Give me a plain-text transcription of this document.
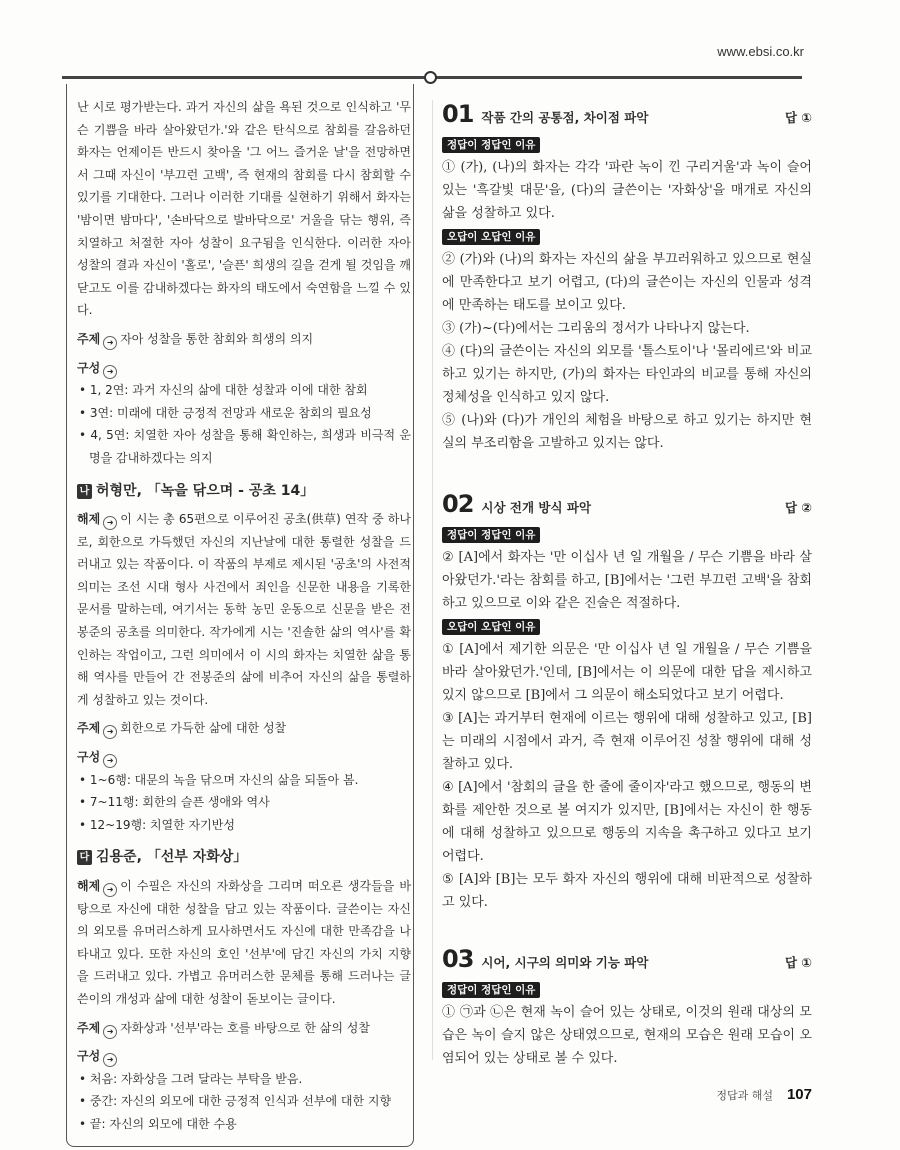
www.ebsi.co.kr

난 시로 평가받는다. 과거 자신의 삶을 욕된 것으로 인식하고 '무슨 기쁨을 바라 살아왔던가.'와 같은 탄식으로 참회를 갈음하던 화자는 언제이든 반드시 찾아올 '그 어느 즐거운 날'을 전망하면서 그때 자신이 '부끄런 고백', 즉 현재의 참회를 다시 참회할 수 있기를 기대한다. 그러나 이러한 기대를 실현하기 위해서 화자는 '밤이면 밤마다', '손바닥으로 발바닥으로' 거울을 닦는 행위, 즉 치열하고 처절한 자아 성찰이 요구됨을 인식한다. 이러한 자아 성찰의 결과 자신이 '홀로', '슬픈' 희생의 길을 걷게 될 것임을 깨닫고도 이를 감내하겠다는 화자의 태도에서 숙연함을 느낄 수 있다.

주제 ➜ 자아 성찰을 통한 참회와 희생의 의지

구성 ➜

• 1, 2연: 과거 자신의 삶에 대한 성찰과 이에 대한 참회

• 3연: 미래에 대한 긍정적 전망과 새로운 참회의 필요성

• 4, 5연: 치열한 자아 성찰을 통해 확인하는, 희생과 비극적 운명을 감내하겠다는 의지

나 허형만, 「녹을 닦으며 - 공초 14」

해제 ➜ 이 시는 총 65편으로 이루어진 공초(供草) 연작 중 하나로, 회한으로 가득했던 자신의 지난날에 대한 통렬한 성찰을 드러내고 있는 작품이다. 이 작품의 부제로 제시된 '공초'의 사전적 의미는 조선 시대 형사 사건에서 죄인을 신문한 내용을 기록한 문서를 말하는데, 여기서는 동학 농민 운동으로 신문을 받은 전봉준의 공초를 의미한다. 작가에게 시는 '진솔한 삶의 역사'를 확인하는 작업이고, 그런 의미에서 이 시의 화자는 치열한 삶을 통해 역사를 만들어 간 전봉준의 삶에 비추어 자신의 삶을 통렬하게 성찰하고 있는 것이다.

주제 ➜ 회한으로 가득한 삶에 대한 성찰

구성 ➜

• 1~6행: 대문의 녹을 닦으며 자신의 삶을 되돌아 봄.

• 7~11행: 회한의 슬픈 생애와 역사

• 12~19행: 치열한 자기반성

다 김용준, 「선부 자화상」

해제 ➜ 이 수필은 자신의 자화상을 그리며 떠오른 생각들을 바탕으로 자신에 대한 성찰을 담고 있는 작품이다. 글쓴이는 자신의 외모를 유머러스하게 묘사하면서도 자신에 대한 만족감을 나타내고 있다. 또한 자신의 호인 '선부'에 담긴 자신의 가치 지향을 드러내고 있다. 가볍고 유머러스한 문체를 통해 드러나는 글쓴이의 개성과 삶에 대한 성찰이 돋보이는 글이다.

주제 ➜ 자화상과 '선부'라는 호를 바탕으로 한 삶의 성찰

구성 ➜

• 처음: 자화상을 그려 달라는 부탁을 받음.

• 중간: 자신의 외모에 대한 긍정적 인식과 선부에 대한 지향

• 끝: 자신의 외모에 대한 수용

01 작품 간의 공통점, 차이점 파악	답 ①
정답이 정답인 이유

① (가), (나)의 화자는 각각 '파란 녹이 낀 구리거울'과 녹이 슬어 있는 '흑갈빛 대문'을, (다)의 글쓴이는 '자화상'을 매개로 자신의 삶을 성찰하고 있다.

오답이 오답인 이유

② (가)와 (나)의 화자는 자신의 삶을 부끄러워하고 있으므로 현실에 만족한다고 보기 어렵고, (다)의 글쓴이는 자신의 인물과 성격에 만족하는 태도를 보이고 있다.

③ (가)~(다)에서는 그리움의 정서가 나타나지 않는다.

④ (다)의 글쓴이는 자신의 외모를 '톨스토이'나 '몰리에르'와 비교하고 있기는 하지만, (가)의 화자는 타인과의 비교를 통해 자신의 정체성을 인식하고 있지 않다.

⑤ (나)와 (다)가 개인의 체험을 바탕으로 하고 있기는 하지만 현실의 부조리함을 고발하고 있지는 않다.

02 시상 전개 방식 파악	답 ②
정답이 정답인 이유

② [A]에서 화자는 '만 이십사 년 일 개월을 / 무슨 기쁨을 바라 살아왔던가.'라는 참회를 하고, [B]에서는 '그런 부끄런 고백'을 참회하고 있으므로 이와 같은 진술은 적절하다.

오답이 오답인 이유

① [A]에서 제기한 의문은 '만 이십사 년 일 개월을 / 무슨 기쁨을 바라 살아왔던가.'인데, [B]에서는 이 의문에 대한 답을 제시하고 있지 않으므로 [B]에서 그 의문이 해소되었다고 보기 어렵다.

③ [A]는 과거부터 현재에 이르는 행위에 대해 성찰하고 있고, [B]는 미래의 시점에서 과거, 즉 현재 이루어진 성찰 행위에 대해 성찰하고 있다.

④ [A]에서 '참회의 글을 한 줄에 줄이자'라고 했으므로, 행동의 변화를 제안한 것으로 볼 여지가 있지만, [B]에서는 자신이 한 행동에 대해 성찰하고 있으므로 행동의 지속을 촉구하고 있다고 보기 어렵다.

⑤ [A]와 [B]는 모두 화자 자신의 행위에 대해 비판적으로 성찰하고 있다.

03 시어, 시구의 의미와 기능 파악	답 ①
정답이 정답인 이유

① ㉠과 ㉡은 현재 녹이 슬어 있는 상태로, 이것의 원래 대상의 모습은 녹이 슬지 않은 상태였으므로, 현재의 모습은 원래 모습이 오염되어 있는 상태로 볼 수 있다.

정답과 해설 107
